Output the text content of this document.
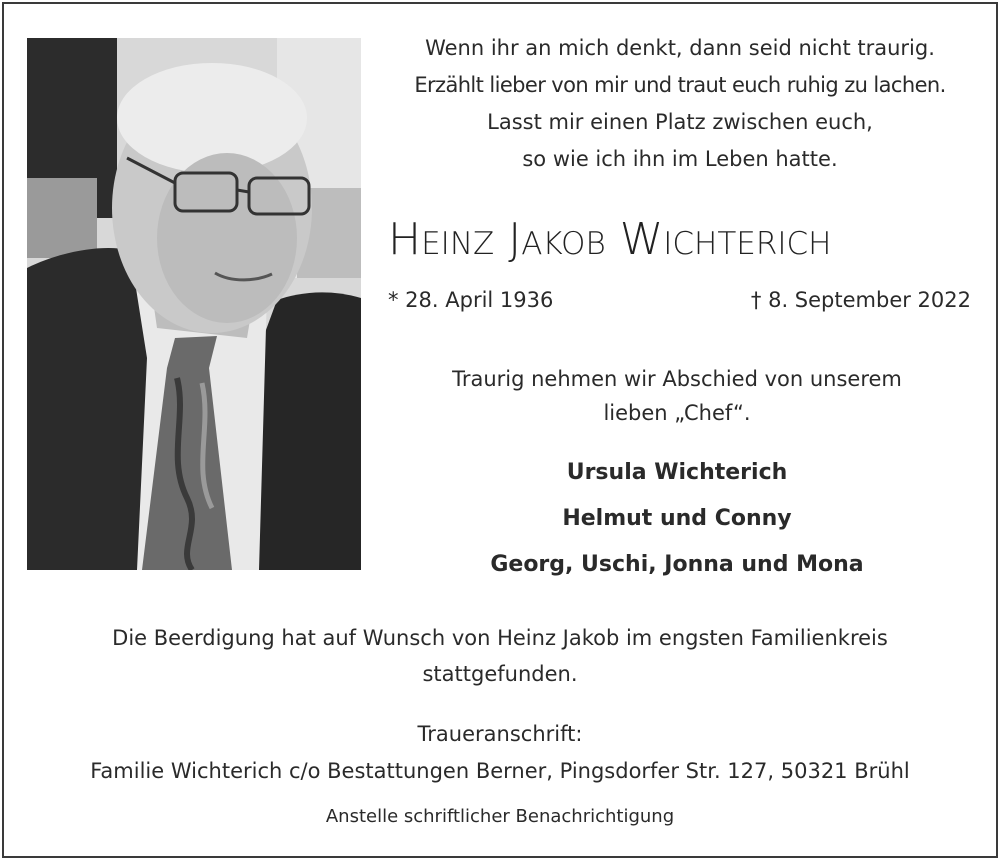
Wenn ihr an mich denkt, dann seid nicht traurig.
Erzählt lieber von mir und traut euch ruhig zu lachen.
Lasst mir einen Platz zwischen euch,
so wie ich ihn im Leben hatte.
Heinz Jakob Wichterich
* 28. April 1936	† 8. September 2022
Traurig nehmen wir Abschied von unserem
lieben „Chef“.
Ursula Wichterich
Helmut und Conny
Georg, Uschi, Jonna und Mona
Die Beerdigung hat auf Wunsch von Heinz Jakob im engsten Familienkreis
stattgefunden.
Traueranschrift:
Familie Wichterich c/o Bestattungen Berner, Pingsdorfer Str. 127, 50321 Brühl
Anstelle schriftlicher Benachrichtigung
